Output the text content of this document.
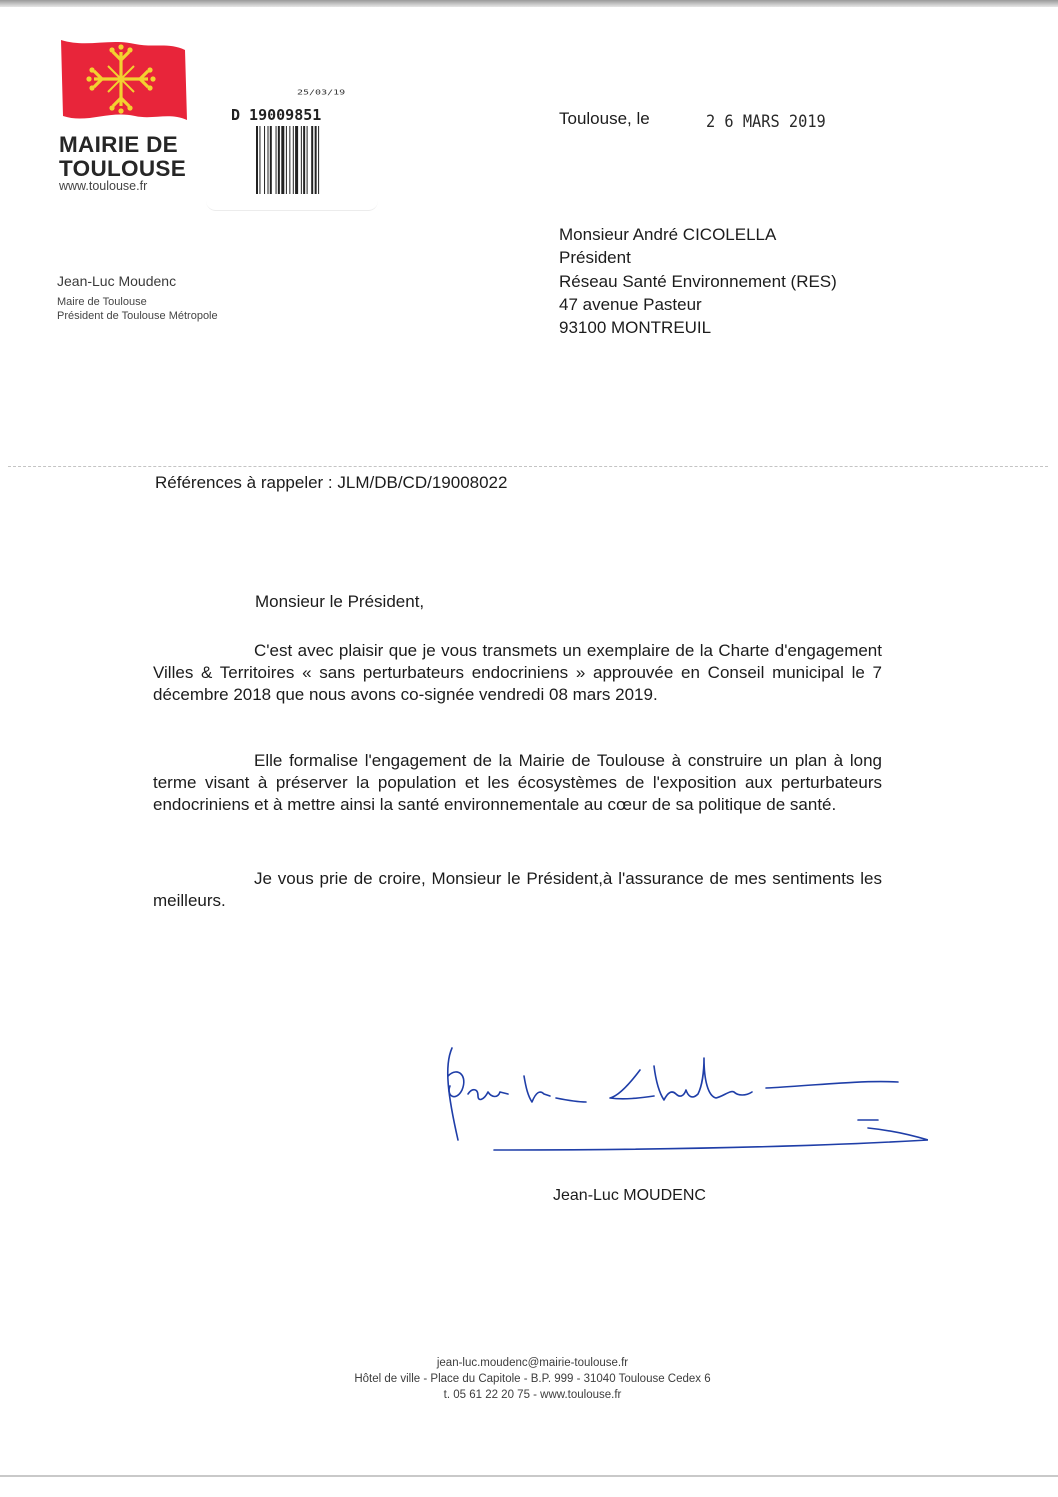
MAIRIE DE
TOULOUSE
www.toulouse.fr
25/03/19
D 19009851	Toulouse, le	2 6 MARS 2019
Monsieur André CICOLELLA
Président
Réseau Santé Environnement (RES)
47 avenue Pasteur
93100 MONTREUIL
Jean-Luc Moudenc
Maire de Toulouse
Président de Toulouse Métropole
Références à rappeler : JLM/DB/CD/19008022
Monsieur le Président,

C'est avec plaisir que je vous transmets un exemplaire de la Charte d'engagement Villes & Territoires « sans perturbateurs endocriniens » approuvée en Conseil municipal le 7 décembre 2018 que nous avons co-signée vendredi 08 mars 2019.

Elle formalise l'engagement de la Mairie de Toulouse à construire un plan à long terme visant à préserver la population et les écosystèmes de l'exposition aux perturbateurs endocriniens et à mettre ainsi la santé environnementale au cœur de sa politique de santé.

Je vous prie de croire, Monsieur le Président,à l'assurance de mes sentiments les meilleurs.

Jean-Luc MOUDENC
jean-luc.moudenc@mairie-toulouse.fr
Hôtel de ville - Place du Capitole - B.P. 999 - 31040 Toulouse Cedex 6
t. 05 61 22 20 75 - www.toulouse.fr
